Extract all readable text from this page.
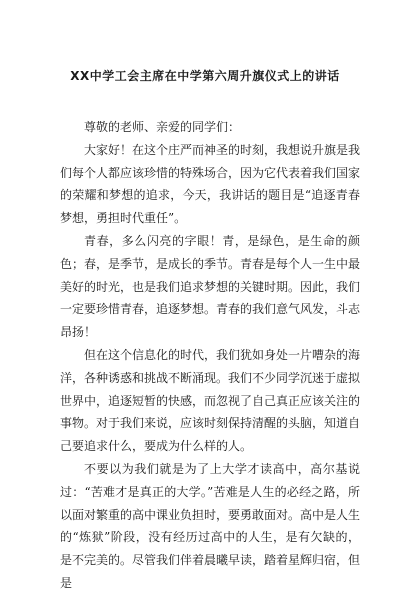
XX中学工会主席在中学第六周升旗仪式上的讲话

尊敬的老师、亲爱的同学们：

大家好！在这个庄严而神圣的时刻，我想说升旗是我们每个人都应该珍惜的特殊场合，因为它代表着我们国家的荣耀和梦想的追求，今天，我讲话的题目是“追逐青春梦想，勇担时代重任”。

青春，多么闪亮的字眼！青，是绿色，是生命的颜色；春，是季节，是成长的季节。青春是每个人一生中最美好的时光，也是我们追求梦想的关键时期。因此，我们一定要珍惜青春，追逐梦想。青春的我们意气风发，斗志昂扬！

但在这个信息化的时代，我们犹如身处一片嘈杂的海洋，各种诱惑和挑战不断涌现。我们不少同学沉迷于虚拟世界中，追逐短暂的快感，而忽视了自己真正应该关注的事物。对于我们来说，应该时刻保持清醒的头脑，知道自己要追求什么，要成为什么样的人。

不要以为我们就是为了上大学才读高中，高尔基说过：“苦难才是真正的大学。”苦难是人生的必经之路，所以面对繁重的高中课业负担时，要勇敢面对。高中是人生的“炼狱”阶段，没有经历过高中的人生，是有欠缺的，是不完美的。尽管我们伴着晨曦早读，踏着星辉归宿，但是
